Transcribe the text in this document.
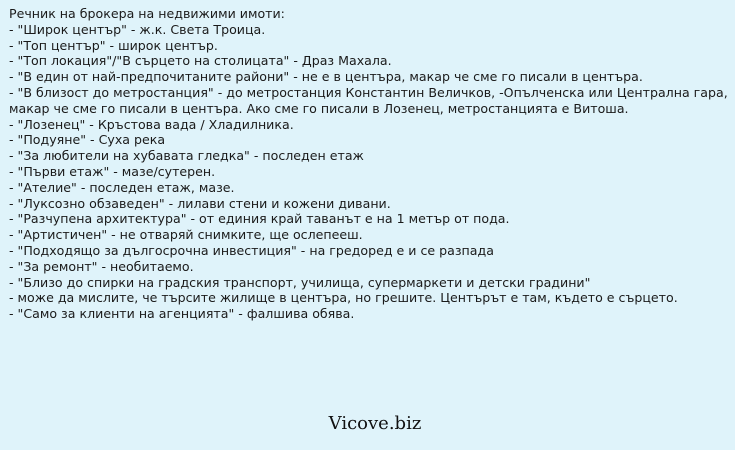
Речник на брокера на недвижими имоти:

- "Широк център" - ж.к. Света Троица.

- "Топ център" - широк център.

- "Топ локация"/"В сърцето на столицата" - Драз Махала.

- "В един от най-предпочитаните райони" - не е в центъра, макар че сме го писали в центъра.

- "В близост до метростанция" - до метростанция Константин Величков, -Опълченска или Централна гара, макар че сме го писали в центъра. Ако сме го писали в Лозенец, метростанцията е Витоша.

- "Лозенец" - Кръстова вада / Хладилника.

- "Подуяне" - Суха река

- "За любители на хубавата гледка" - последен етаж

- "Първи етаж" - мазе/сутерен.

- "Ателие" - последен етаж, мазе.

- "Луксозно обзаведен" - лилави стени и кожени дивани.

- "Разчупена архитектура" - от единия край таванът е на 1 метър от пода.

- "Артистичен" - не отваряй снимките, ще ослепееш.

- "Подходящо за дългосрочна инвестиция" - на гредоред е и се разпада

- "За ремонт" - необитаемо.

- "Близо до спирки на градския транспорт, училища, супермаркети и детски градини"

- може да мислите, че търсите жилище в центъра, но грешите. Центърът е там, където е сърцето.

- "Само за клиенти на агенцията" - фалшива обява.

Vicove.biz
